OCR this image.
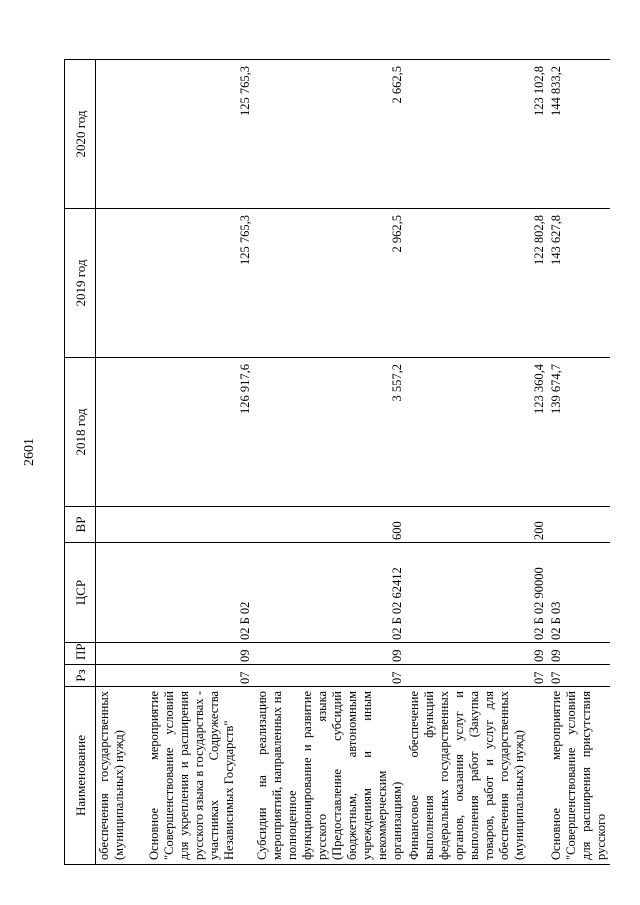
2601
Наименование	Рз	ПР	ЦСР	ВР	2018 год	2019 год	2020 год
обеспечения государственных (муниципальных) нужд)							
Основное мероприятие "Совершенствование условий для укрепления и расширения русского языка в государствах - участниках Содружества Независимых Государств"	07	09	02 Б 02		126 917,6	125 765,3	125 765,3
Субсидии на реализацию мероприятий, направленных на полноценное функционирование и развитие русского языка (Предоставление субсидий бюджетным, автономным учреждениям и иным некоммерческим организациям)	07	09	02 Б 02 62412	600	3 557,2	2 962,5	2 662,5
Финансовое обеспечение выполнения функций федеральных государственных органов, оказания услуг и выполнения работ (Закупка товаров, работ и услуг для обеспечения государственных (муниципальных) нужд)	07	09	02 Б 02 90000	200	123 360,4	122 802,8	123 102,8
Основное мероприятие "Совершенствование условий для расширения присутствия русского	07	09	02 Б 03		139 674,7	143 627,8	144 833,2
